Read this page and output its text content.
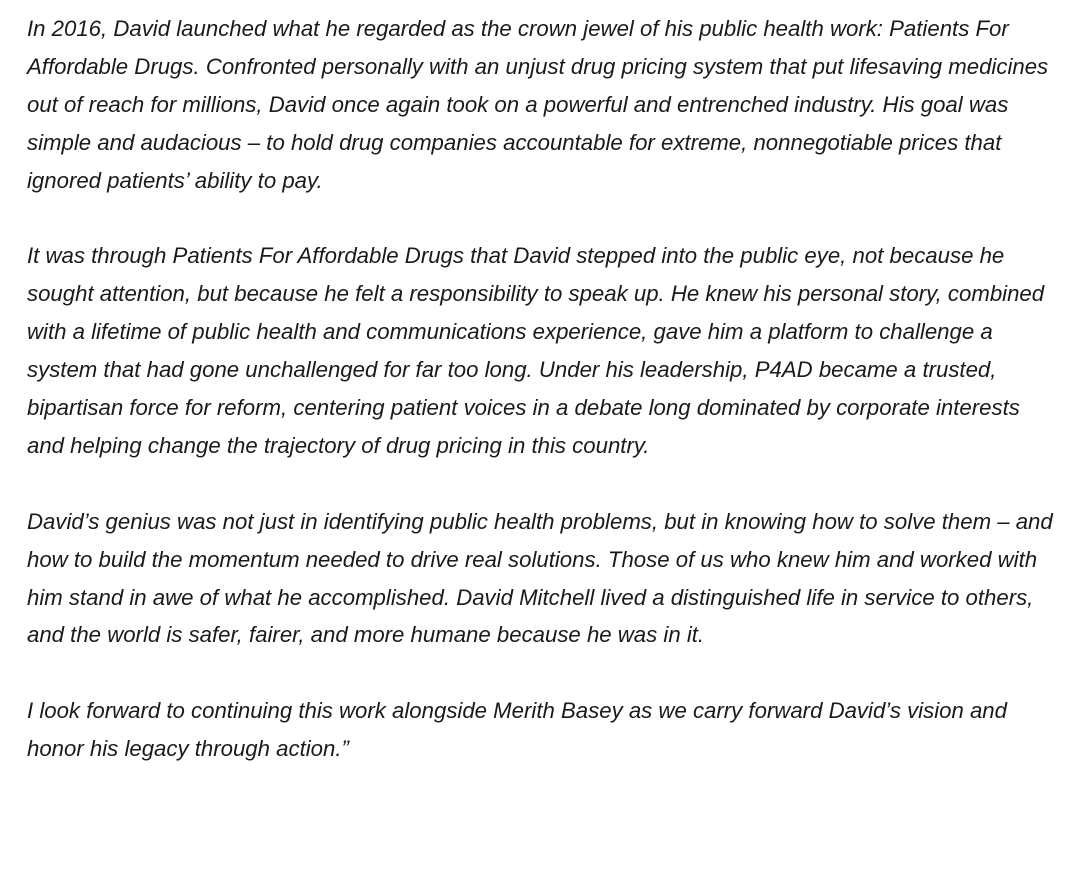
In 2016, David launched what he regarded as the crown jewel of his public health work: Patients For Affordable Drugs. Confronted personally with an unjust drug pricing system that put lifesaving medicines out of reach for millions, David once again took on a powerful and entrenched industry. His goal was simple and audacious – to hold drug companies accountable for extreme, nonnegotiable prices that ignored patients’ ability to pay.

It was through Patients For Affordable Drugs that David stepped into the public eye, not because he sought attention, but because he felt a responsibility to speak up. He knew his personal story, combined with a lifetime of public health and communications experience, gave him a platform to challenge a system that had gone unchallenged for far too long. Under his leadership, P4AD became a trusted, bipartisan force for reform, centering patient voices in a debate long dominated by corporate interests and helping change the trajectory of drug pricing in this country.

David’s genius was not just in identifying public health problems, but in knowing how to solve them – and how to build the momentum needed to drive real solutions. Those of us who knew him and worked with him stand in awe of what he accomplished. David Mitchell lived a distinguished life in service to others, and the world is safer, fairer, and more humane because he was in it.

I look forward to continuing this work alongside Merith Basey as we carry forward David’s vision and honor his legacy through action.”
